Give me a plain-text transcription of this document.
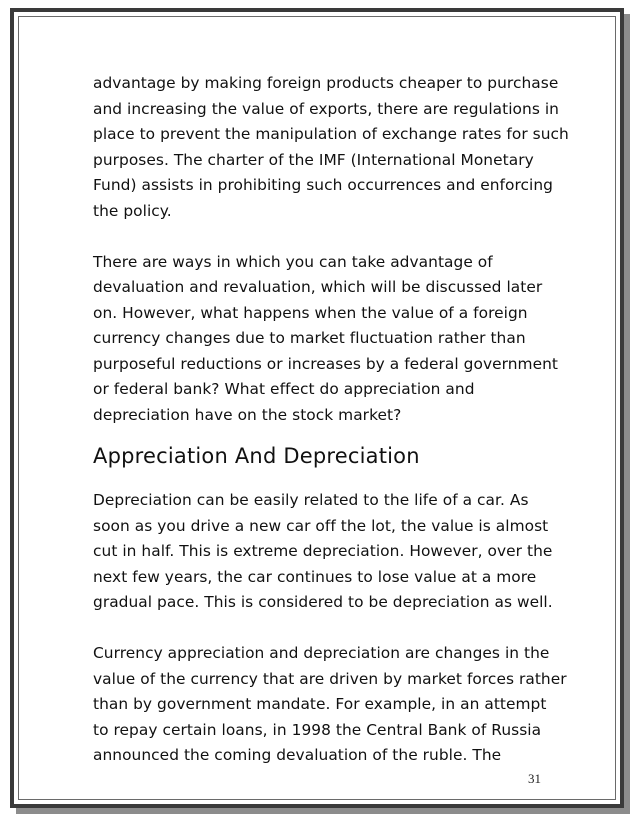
advantage by making foreign products cheaper to purchase
and increasing the value of exports, there are regulations in
place to prevent the manipulation of exchange rates for such
purposes. The charter of the IMF (International Monetary
Fund) assists in prohibiting such occurrences and enforcing
the policy.

There are ways in which you can take advantage of
devaluation and revaluation, which will be discussed later
on. However, what happens when the value of a foreign
currency changes due to market fluctuation rather than
purposeful reductions or increases by a federal government
or federal bank? What effect do appreciation and
depreciation have on the stock market?

Appreciation And Depreciation

Depreciation can be easily related to the life of a car. As
soon as you drive a new car off the lot, the value is almost
cut in half. This is extreme depreciation. However, over the
next few years, the car continues to lose value at a more
gradual pace. This is considered to be depreciation as well.

Currency appreciation and depreciation are changes in the
value of the currency that are driven by market forces rather
than by government mandate. For example, in an attempt
to repay certain loans, in 1998 the Central Bank of Russia
announced the coming devaluation of the ruble. The

31
